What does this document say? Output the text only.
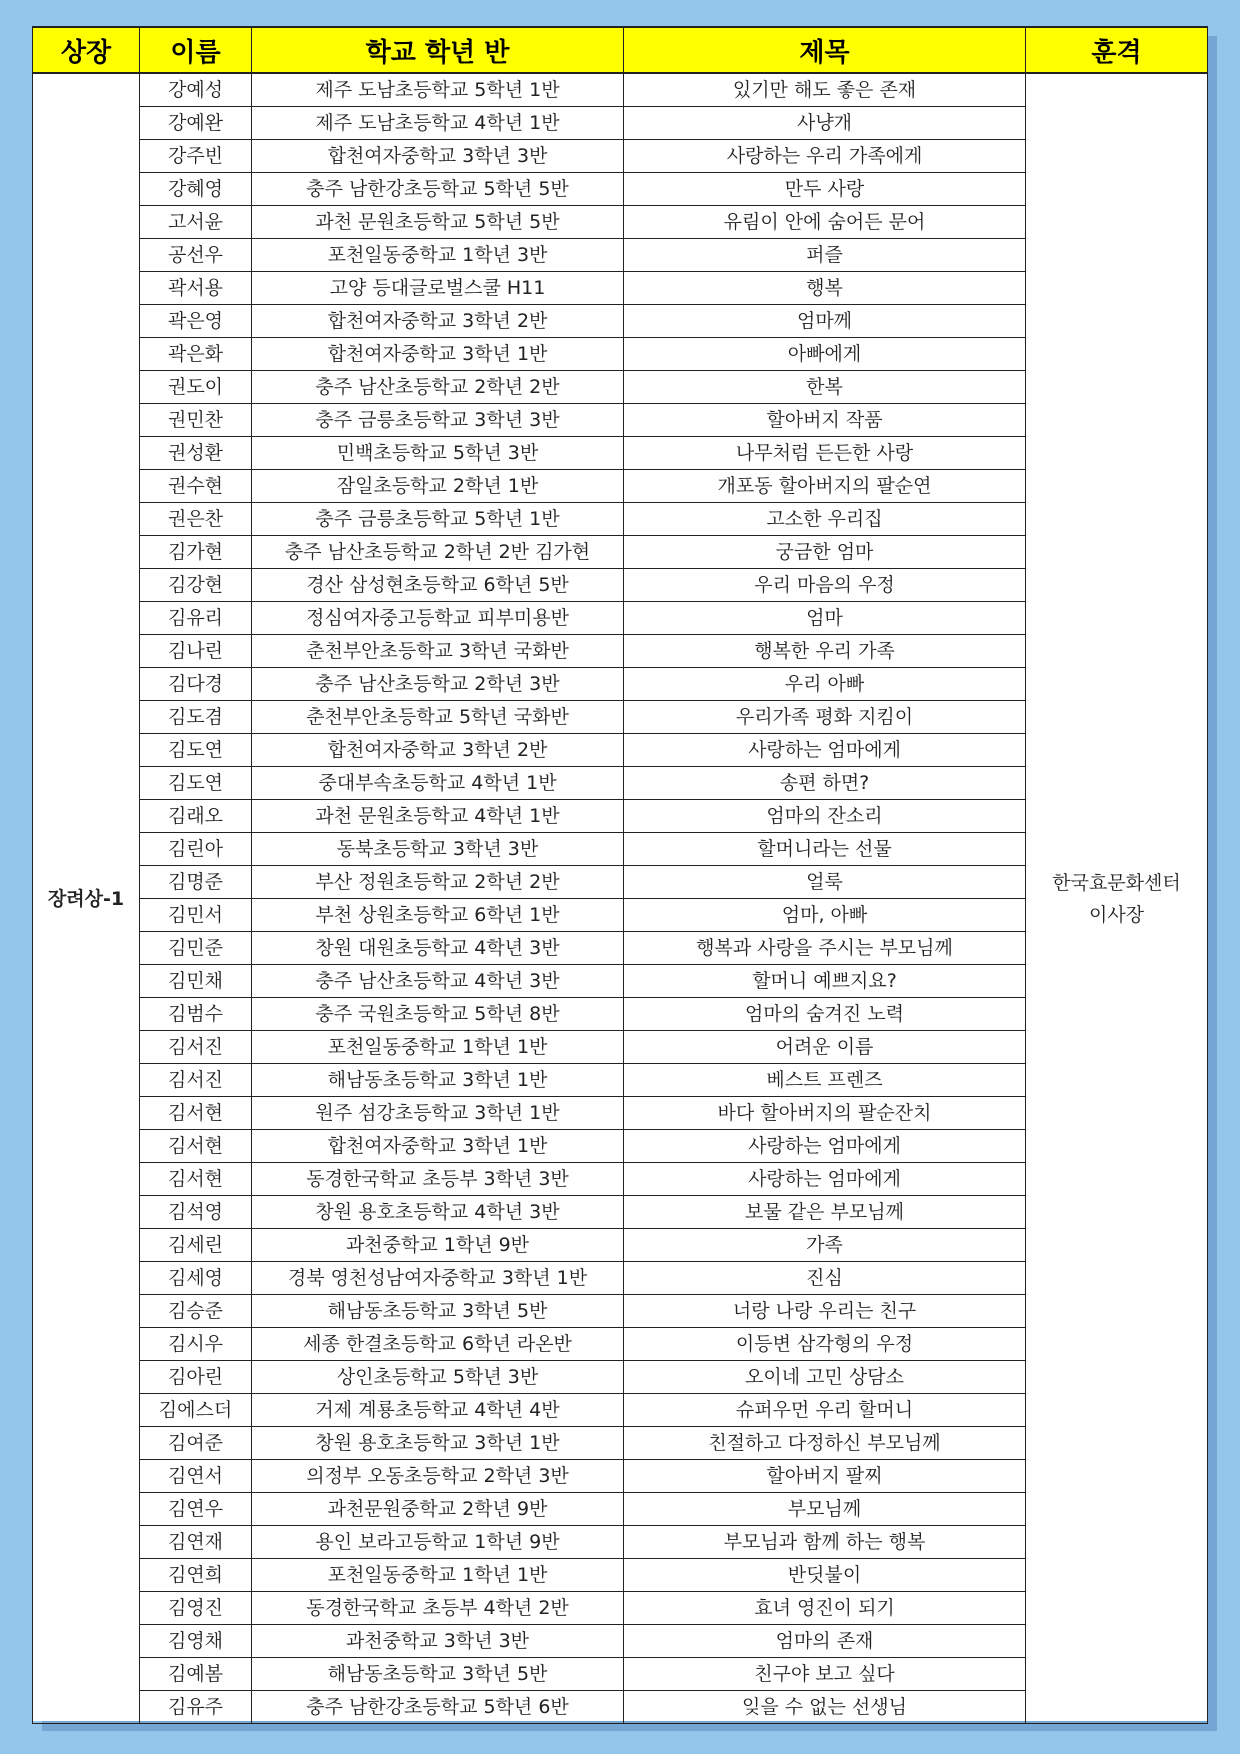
상장	이름	학교 학년 반	제목	훈격
장려상-1	강예성	제주 도남초등학교 5학년 1반	있기만 해도 좋은 존재	한국효문화센터
이사장

	강예완	제주 도남초등학교 4학년 1반	사냥개	
	강주빈	합천여자중학교 3학년 3반	사랑하는 우리 가족에게	
	강혜영	충주 남한강초등학교 5학년 5반	만두 사랑	
	고서윤	과천 문원초등학교 5학년 5반	유림이 안에 숨어든 문어	
	공선우	포천일동중학교 1학년 3반	퍼즐	
	곽서용	고양 등대글로벌스쿨 H11	행복	
	곽은영	합천여자중학교 3학년 2반	엄마께	
	곽은화	합천여자중학교 3학년 1반	아빠에게	
	권도이	충주 남산초등학교 2학년 2반	한복	
	권민찬	충주 금릉초등학교 3학년 3반	할아버지 작품	
	권성환	민백초등학교 5학년 3반	나무처럼 든든한 사랑	
	권수현	잠일초등학교 2학년 1반	개포동 할아버지의 팔순연	
	권은찬	충주 금릉초등학교 5학년 1반	고소한 우리집	
	김가현	충주 남산초등학교 2학년 2반 김가현	궁금한 엄마	
	김강현	경산 삼성현초등학교 6학년 5반	우리 마음의 우정	
	김유리	정심여자중고등학교 피부미용반	엄마	
	김나린	춘천부안초등학교 3학년 국화반	행복한 우리 가족	
	김다경	충주 남산초등학교 2학년 3반	우리 아빠	
	김도겸	춘천부안초등학교 5학년 국화반	우리가족 평화 지킴이	
	김도연	합천여자중학교 3학년 2반	사랑하는 엄마에게	
	김도연	중대부속초등학교 4학년 1반	송편 하면?	
	김래오	과천 문원초등학교 4학년 1반	엄마의 잔소리	
	김린아	동북초등학교 3학년 3반	할머니라는 선물	
	김명준	부산 정원초등학교 2학년 2반	얼룩	
	김민서	부천 상원초등학교 6학년 1반	엄마, 아빠	
	김민준	창원 대원초등학교 4학년 3반	행복과 사랑을 주시는 부모님께	
	김민채	충주 남산초등학교 4학년 3반	할머니 예쁘지요?	
	김범수	충주 국원초등학교 5학년 8반	엄마의 숨겨진 노력	
	김서진	포천일동중학교 1학년 1반	어려운 이름	
	김서진	해남동초등학교 3학년 1반	베스트 프렌즈	
	김서현	원주 섬강초등학교 3학년 1반	바다 할아버지의 팔순잔치	
	김서현	합천여자중학교 3학년 1반	사랑하는 엄마에게	
	김서현	동경한국학교 초등부 3학년 3반	사랑하는 엄마에게	
	김석영	창원 용호초등학교 4학년 3반	보물 같은 부모님께	
	김세린	과천중학교 1학년 9반	가족	
	김세영	경북 영천성남여자중학교 3학년 1반	진심	
	김승준	해남동초등학교 3학년 5반	너랑 나랑 우리는 친구	
	김시우	세종 한결초등학교 6학년 라온반	이등변 삼각형의 우정	
	김아린	상인초등학교 5학년 3반	오이네 고민 상담소	
	김에스더	거제 계룡초등학교 4학년 4반	슈퍼우먼 우리 할머니	
	김여준	창원 용호초등학교 3학년 1반	친절하고 다정하신 부모님께	
	김연서	의정부 오동초등학교 2학년 3반	할아버지 팔찌	
	김연우	과천문원중학교 2학년 9반	부모님께	
	김연재	용인 보라고등학교 1학년 9반	부모님과 함께 하는 행복	
	김연희	포천일동중학교 1학년 1반	반딧불이	
	김영진	동경한국학교 초등부 4학년 2반	효녀 영진이 되기	
	김영채	과천중학교 3학년 3반	엄마의 존재	
	김예봄	해남동초등학교 3학년 5반	친구야 보고 싶다	
	김유주	충주 남한강초등학교 5학년 6반	잊을 수 없는 선생님	
